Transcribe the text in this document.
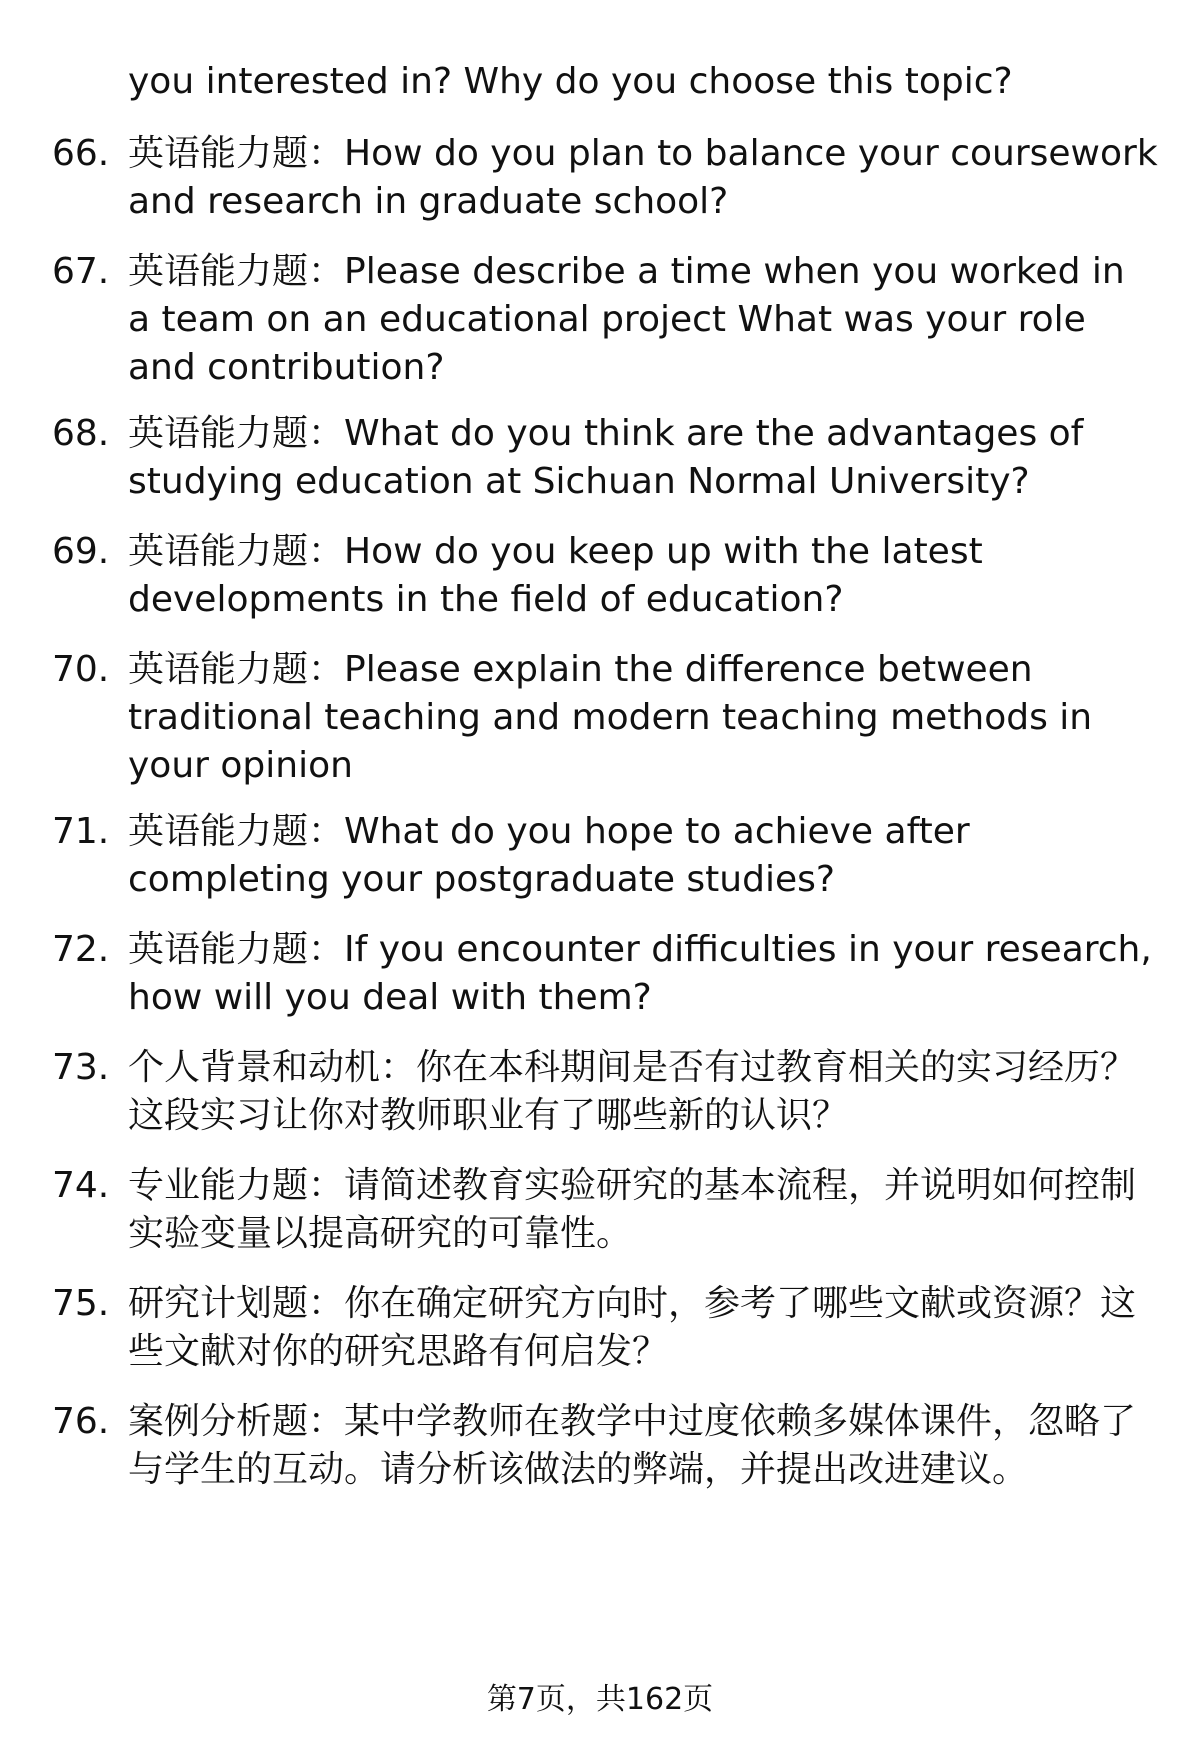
you interested in? Why do you choose this topic?
66. 英语能力题：How do you plan to balance your coursework and research in graduate school?
67. 英语能力题：Please describe a time when you worked in a team on an educational project What was your role and contribution?
68. 英语能力题：What do you think are the advantages of studying education at Sichuan Normal University?
69. 英语能力题：How do you keep up with the latest developments in the field of education?
70. 英语能力题：Please explain the difference between traditional teaching and modern teaching methods in your opinion
71. 英语能力题：What do you hope to achieve after completing your postgraduate studies?
72. 英语能力题：If you encounter difficulties in your research, how will you deal with them?
73. 个人背景和动机：你在本科期间是否有过教育相关的实习经历？这段实习让你对教师职业有了哪些新的认识？
74. 专业能力题：请简述教育实验研究的基本流程，并说明如何控制实验变量以提高研究的可靠性。
75. 研究计划题：你在确定研究方向时，参考了哪些文献或资源？这些文献对你的研究思路有何启发？
76. 案例分析题：某中学教师在教学中过度依赖多媒体课件，忽略了与学生的互动。请分析该做法的弊端，并提出改进建议。
第7页，共162页
